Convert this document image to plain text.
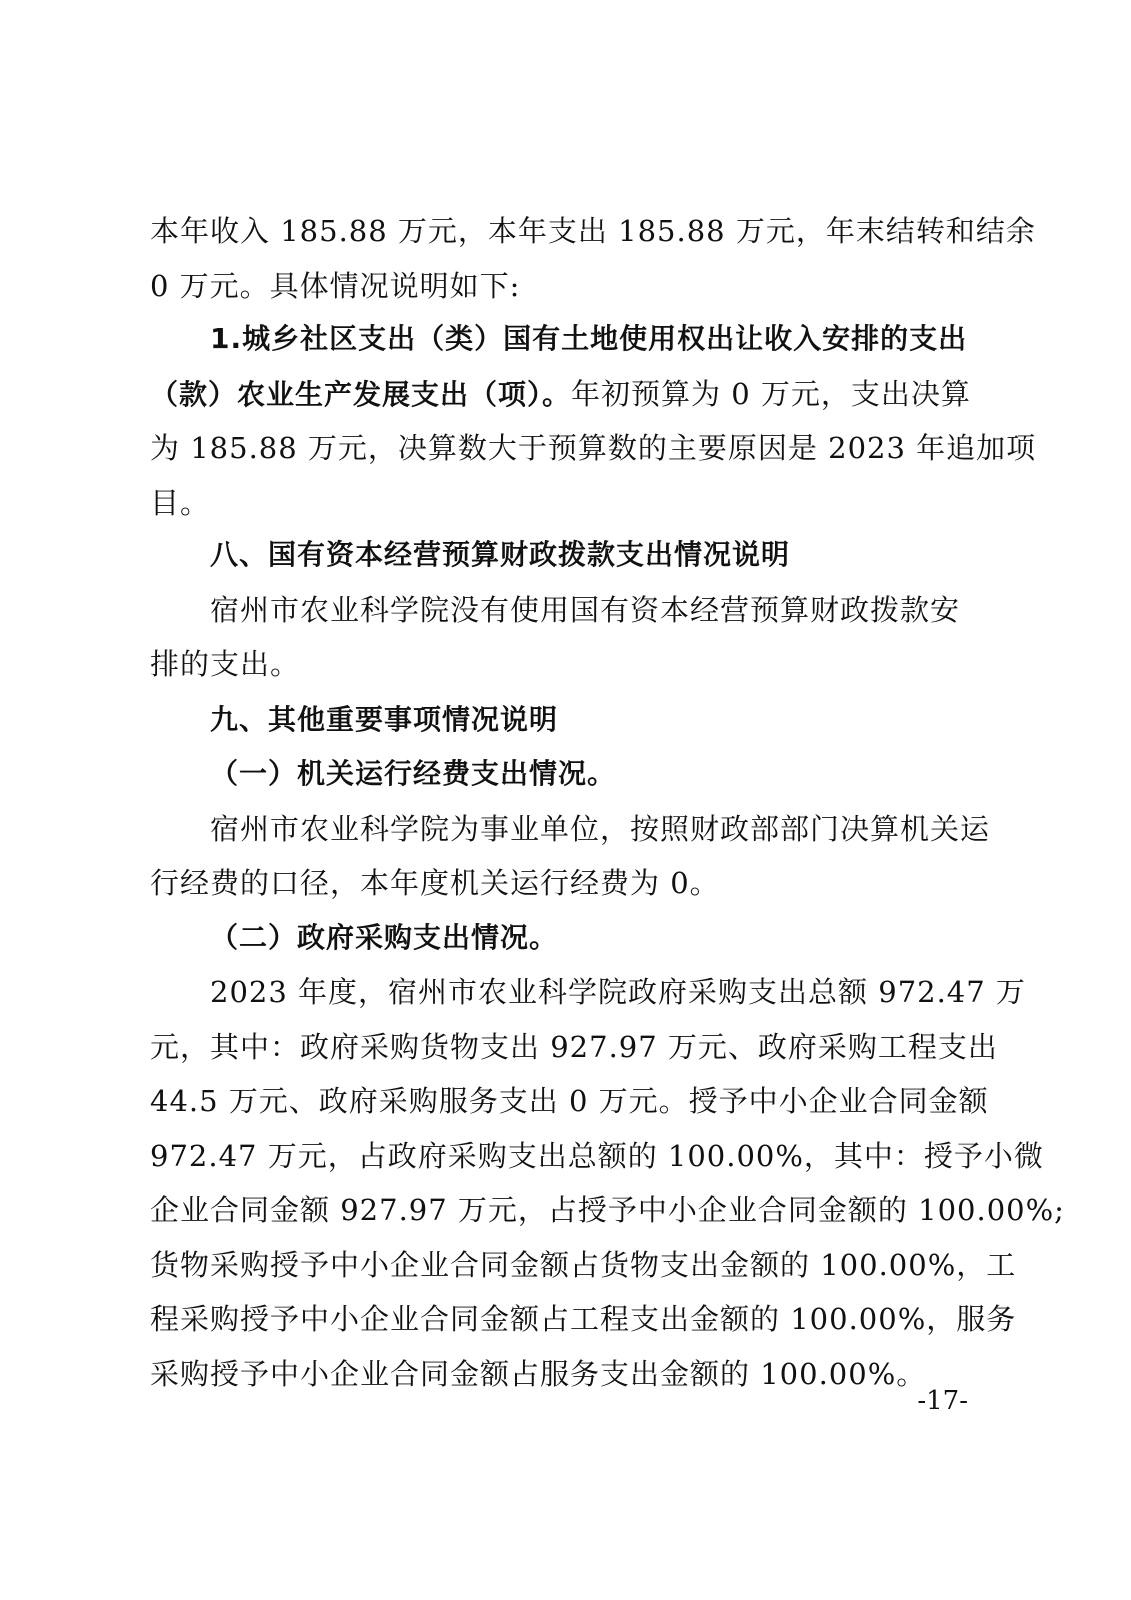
本年收入 185.88 万元，本年支出 185.88 万元，年末结转和结余
0 万元。具体情况说明如下:
1.城乡社区支出（类）国有土地使用权出让收入安排的支出
（款）农业生产发展支出（项）。年初预算为 0 万元，支出决算
为 185.88 万元，决算数大于预算数的主要原因是 2023 年追加项
目。
八、国有资本经营预算财政拨款支出情况说明
宿州市农业科学院没有使用国有资本经营预算财政拨款安
排的支出。
九、其他重要事项情况说明
（一）机关运行经费支出情况。
宿州市农业科学院为事业单位，按照财政部部门决算机关运
行经费的口径，本年度机关运行经费为 0。
（二）政府采购支出情况。
2023 年度，宿州市农业科学院政府采购支出总额 972.47 万
元，其中：政府采购货物支出 927.97 万元、政府采购工程支出
44.5 万元、政府采购服务支出 0 万元。授予中小企业合同金额
972.47 万元，占政府采购支出总额的 100.00%，其中：授予小微
企业合同金额 927.97 万元，占授予中小企业合同金额的 100.00%;
货物采购授予中小企业合同金额占货物支出金额的 100.00%，工
程采购授予中小企业合同金额占工程支出金额的 100.00%，服务
采购授予中小企业合同金额占服务支出金额的 100.00%。
-17-
